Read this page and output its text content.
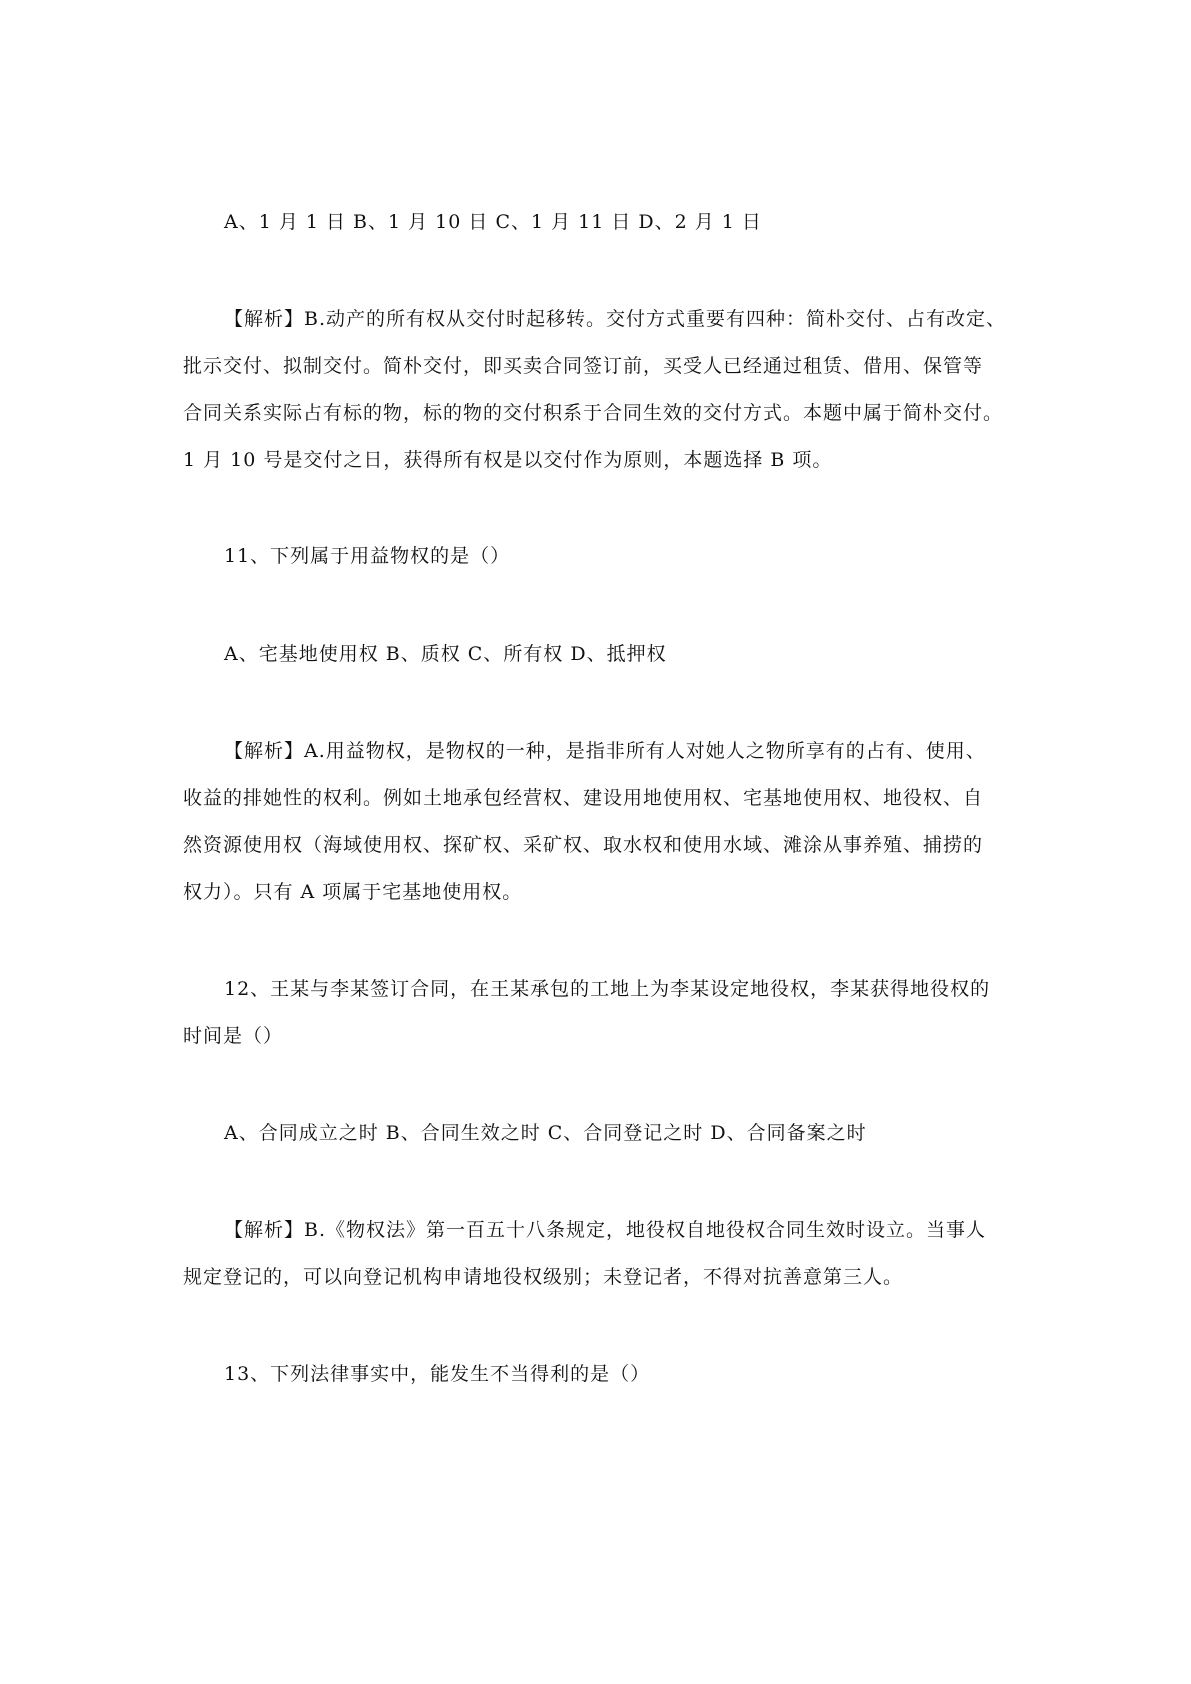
A、1 月 1 日 B、1 月 10 日 C、1 月 11 日 D、2 月 1 日

【解析】B.动产的所有权从交付时起移转。交付方式重要有四种：简朴交付、占有改定、

批示交付、拟制交付。简朴交付，即买卖合同签订前，买受人已经通过租赁、借用、保管等

合同关系实际占有标的物，标的物的交付积系于合同生效的交付方式。本题中属于简朴交付。

1 月 10 号是交付之日，获得所有权是以交付作为原则，本题选择 B 项。

11、下列属于用益物权的是（）

A、宅基地使用权 B、质权 C、所有权 D、抵押权

【解析】A.用益物权，是物权的一种，是指非所有人对她人之物所享有的占有、使用、

收益的排她性的权利。例如土地承包经营权、建设用地使用权、宅基地使用权、地役权、自

然资源使用权（海域使用权、探矿权、采矿权、取水权和使用水域、滩涂从事养殖、捕捞的

权力）。只有 A 项属于宅基地使用权。

12、王某与李某签订合同，在王某承包的工地上为李某设定地役权，李某获得地役权的

时间是（）

A、合同成立之时 B、合同生效之时 C、合同登记之时 D、合同备案之时

【解析】B.《物权法》第一百五十八条规定，地役权自地役权合同生效时设立。当事人

规定登记的，可以向登记机构申请地役权级别；未登记者，不得对抗善意第三人。

13、下列法律事实中，能发生不当得利的是（）
